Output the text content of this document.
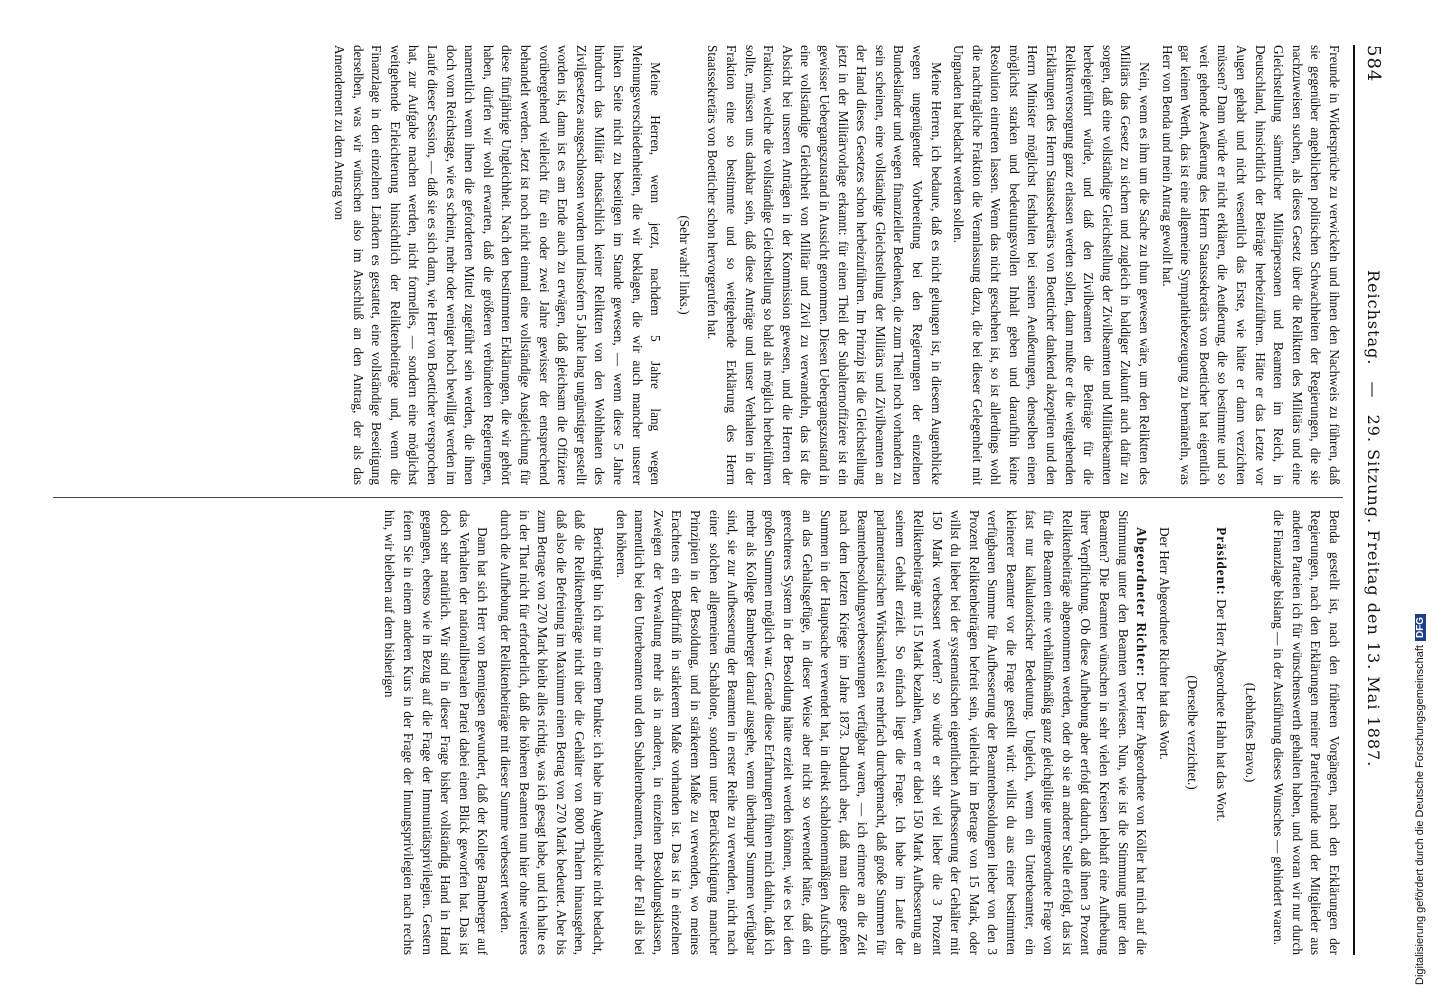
584
Reichstag. — 29. Sitzung. Freitag den 13. Mai 1887.

Freunde in Widersprüche zu verwickeln und ihnen den Nachweis zu führen, daß sie gegenüber angeblichen politischen Schwachheiten der Regierungen, die sie nachzuweisen suchen, als dieses Gesetz über die Reliktten des Militärs und eine Gleichstellung sämmtlicher Militärpersonen und Beamten im Reich, in Deutschland, hinsichtlich der Beiträge herbeizuführen. Hätte er das Letzte vor Augen gehabt und nicht wesentlich das Erste, wie hätte er dann verzichten müssen? Dann würde er nicht erklären, die Aeußerung, die so bestimmte und so weit gehende Aeußerung des Herrn Staatssekretärs von Boetticher hat eigentlich gar keinen Werth, das ist eine allgemeine Sympathiebezeugung zu bemänteln, was Herr von Benda und mein Antrag gewollt hat.

Nein, wenn es ihm um die Sache zu thun gewesen wäre, um den Reliktten des Militärs das Gesetz zu sichern und zugleich in baldiger Zukunft auch dafür zu sorgen, daß eine vollständige Gleichstellung der Zivilbeamten und Militärbeamten herbeigeführt würde, und daß den Zivilbeamten die Beiträge für die Reliktenversorgung ganz erlassen werden sollen, dann mußte er die weitgehenden Erklärungen des Herrn Staatssekretärs von Boetticher dankend akzeptiren und den Herrn Minister möglichst festhalten bei seinen Aeußerungen, denselben einen möglichst starken und bedeutungsvollen Inhalt geben und daraufhin keine Resolution eintreten lassen. Wenn das nicht geschehen ist, so ist allerdings wohl die nachträgliche Fraktion die Veranlassung dazu, die bei dieser Gelegenheit mit Ungnaden hat bedacht werden sollen.

Meine Herren, ich bedaure, daß es nicht gelungen ist, in diesem Augenblicke wegen ungenügender Vorbereitung bei den Regierungen der einzelnen Bundesländer und wegen finanzieller Bedenken, die zum Theil noch vorhanden zu sein scheinen, eine vollständige Gleichstellung der Militärs und Zivilbeamten an der Hand dieses Gesetzes schon herbeizuführen. Im Prinzip ist die Gleichstellung jetzt in der Militärvorlage erkannt: für einen Theil der Subalternoffiziere ist ein gewisser Uebergangszustand in Aussicht genommen. Diesen Uebergangszustand in eine vollständige Gleichheit von Militär und Zivil zu verwandeln, das ist die Absicht bei unseren Anträgen in der Kommission gewesen, und die Herren der Fraktion, welche die vollständige Gleichstellung so bald als möglich herbeiführen sollte, müssen uns dankbar sein, daß diese Anträge und unser Verhalten in der Fraktion eine so bestimmte und so weitgehende Erklärung des Herrn Staatssekretärs von Boetticher schon hervorgerufen hat.

(Sehr wahr! links.)

Meine Herren, wenn jetzt, nachdem 5 Jahre lang wegen Meinungsverschiedenheiten, die wir beklagen, die wir auch mancher unserer linken Seite nicht zu beseitigen im Stande gewesen, — wenn diese 5 Jahre hindurch das Militär thatsächlich keiner Reliktten von den Wohlthaten des Zivilgesetzes ausgeschlossen worden und insofern 5 Jahre lang ungünstiger gestellt worden ist, dann ist es am Ende auch zu erwägen, daß gleichsam die Offiziere vorübergehend vielleicht für ein oder zwei Jahre gewisser der entsprechend behandelt werden. Jetzt ist noch nicht einmal eine vollständige Ausgleichung für diese fünfjährige Ungleichheit. Nach den bestimmten Erklärungen, die wir gehört haben, dürfen wir wohl erwarten, daß die größeren verbündeten Regierungen, namentlich wenn ihnen die geforderten Mittel zugeführt sein werden, die ihnen doch vom Reichstage, wie es scheint, mehr oder weniger hoch bewilligt werden im Laufe dieser Session, — daß sie es sich dann, wie Herr von Boetticher versprochen hat, zur Aufgabe machen werden, nicht formelles, — sondern eine möglichst weitgehende Erleichterung hinsichtlich der Reliktenbeiträge und, wenn die Finanzlage in den einzelnen Ländern es gestattet, eine vollständige Beseitigung derselben, was wir wünschen also im Anschluß an den Antrag, der als das Amendement zu dem Antrag von

Benda gestellt ist, nach den früheren Vorgängen, nach den Erklärungen der Regierungen, nach den Erklärungen meiner Parteifreunde und der Mitglieder aus anderen Parteien ich für wünschenswerth gehalten haben, und woran wir nur durch die Finanzlage bislang — in der Ausführung dieses Wunsches — gehindert waren.

(Lebhaftes Bravo.)

Präsident: Der Herr Abgeordnete Hahn hat das Wort.

(Derselbe verzichtet.)

Der Herr Abgeordnete Richter hat das Wort.

Abgeordneter Richter: Der Herr Abgeordnete von Köller hat mich auf die Stimmung unter den Beamten verwiesen. Nun, wie ist die Stimmung unter den Beamten? Die Beamten wünschen in sehr vielen Kreisen lebhaft eine Aufhebung ihrer Verpflichtung. Ob diese Aufhebung aber erfolgt dadurch, daß ihnen 3 Prozent Reliktenbeiträge abgenommen werden, oder ob sie an anderer Stelle erfolgt, das ist für die Beamten eine verhältnißmäßig ganz gleichgiltige untergeordnete Frage von fast nur kalkulatorischer Bedeutung. Ungleich, wenn ein Unterbeamter, ein kleinerer Beamter vor die Frage gestellt wird: willst du aus einer bestimmten verfügbaren Summe für Aufbesserung der Beamtenbesoldungen lieber von den 3 Prozent Reliktenbeiträgen befreit sein, vielleicht im Betrage von 15 Mark, oder willst du lieber bei der systematischen eigentlichen Aufbesserung der Gehälter mit 150 Mark verbessert werden? so würde er sehr viel lieber die 3 Prozent Reliktenbeiträge mit 15 Mark bezahlen, wenn er dabei 150 Mark Aufbesserung an seinem Gehalt erzielt. So einfach liegt die Frage. Ich habe im Laufe der parlamentarischen Wirksamkeit es mehrfach durchgemacht, daß große Summen für Beamtenbesoldungsverbesserungen verfügbar waren, — ich erinnere an die Zeit nach dem letzten Kriege im Jahre 1873. Dadurch aber, daß man diese großen Summen in der Hauptsache verwendet hat, in direkt schablonenmäßigen Aufschub an das Gehaltsgefüge, in dieser Weise aber nicht so verwendet hätte, daß ein gerechteres System in der Besoldung hätte erzielt werden können, wie es bei den großen Summen möglich war. Gerade diese Erfahrungen führen mich dahin, daß ich mehr als Kollege Bamberger darauf ausgehe, wenn überhaupt Summen verfügbar sind, sie zur Aufbesserung der Beamten in erster Reihe zu verwenden, nicht nach einer solchen allgemeinen Schablone, sondern unter Berücksichtigung mancher Prinzipien in der Besoldung, und in stärkerem Maße zu verwenden, wo meines Erachtens ein Bedürfniß in stärkerem Maße vorhanden ist. Das ist in einzelnen Zweigen der Verwaltung mehr als in anderen, in einzelnen Besoldungsklassen, namentlich bei den Unterbeamten und den Subalternbeamten, mehr der Fall als bei den höheren.

Berichtigt bin ich nur in einem Punkte: ich habe im Augenblicke nicht bedacht, daß die Reliktenbeiträge nicht über die Gehälter von 8000 Thalern hinausgehen, daß also die Befreiung im Maximum einen Betrag von 270 Mark bedeutet. Aber bis zum Betrage von 270 Mark bleibt alles richtig, was ich gesagt habe, und ich halte es in der That nicht für erforderlich, daß die höheren Beamten nun hier ohne weiteres durch die Aufhebung der Reliktenbeiträge mit dieser Summe verbessert werden.

Dann hat sich Herr von Bennigsen gewundert, daß der Kollege Bamberger auf das Verhalten der nationalliberalen Partei dabei einen Blick geworfen hat. Das ist doch sehr natürlich. Wir sind in dieser Frage bisher vollständig Hand in Hand gegangen, ebenso wie in Bezug auf die Frage der Immunitätsprivilegien. Gestern feiern Sie in einem anderen Kurs in der Frage der Innungsprivilegien nach rechts hin, wir bleiben auf dem bisherigen

Digitalisierung gefördert durch die Deutsche Forschungsgemeinschaft
DFG
